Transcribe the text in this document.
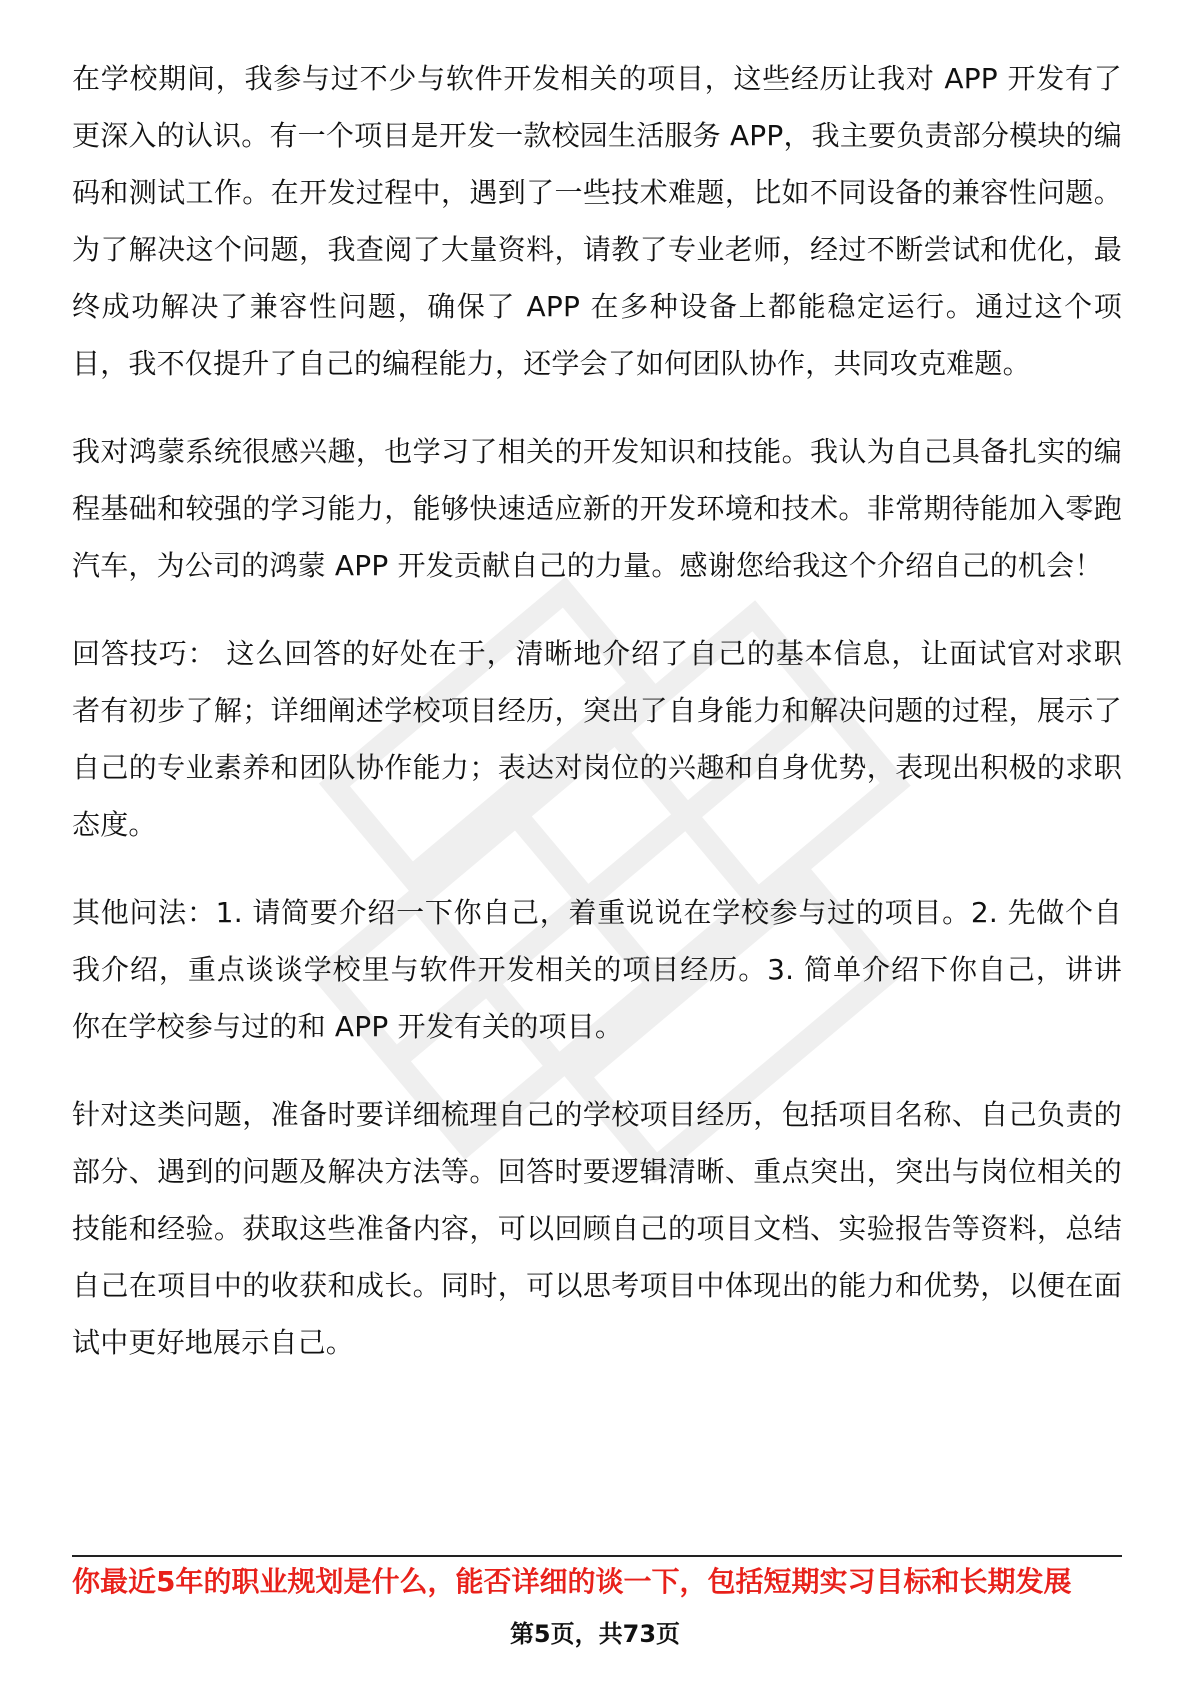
在学校期间，我参与过不少与软件开发相关的项目，这些经历让我对 APP 开发有了更深入的认识。有一个项目是开发一款校园生活服务 APP，我主要负责部分模块的编码和测试工作。在开发过程中，遇到了一些技术难题，比如不同设备的兼容性问题。为了解决这个问题，我查阅了大量资料，请教了专业老师，经过不断尝试和优化，最终成功解决了兼容性问题，确保了 APP 在多种设备上都能稳定运行。通过这个项目，我不仅提升了自己的编程能力，还学会了如何团队协作，共同攻克难题。

我对鸿蒙系统很感兴趣，也学习了相关的开发知识和技能。我认为自己具备扎实的编程基础和较强的学习能力，能够快速适应新的开发环境和技术。非常期待能加入零跑汽车，为公司的鸿蒙 APP 开发贡献自己的力量。感谢您给我这个介绍自己的机会！

回答技巧： 这么回答的好处在于，清晰地介绍了自己的基本信息，让面试官对求职者有初步了解；详细阐述学校项目经历，突出了自身能力和解决问题的过程，展示了自己的专业素养和团队协作能力；表达对岗位的兴趣和自身优势，表现出积极的求职态度。

其他问法：1. 请简要介绍一下你自己，着重说说在学校参与过的项目。2. 先做个自我介绍，重点谈谈学校里与软件开发相关的项目经历。3. 简单介绍下你自己，讲讲你在学校参与过的和 APP 开发有关的项目。

针对这类问题，准备时要详细梳理自己的学校项目经历，包括项目名称、自己负责的部分、遇到的问题及解决方法等。回答时要逻辑清晰、重点突出，突出与岗位相关的技能和经验。获取这些准备内容，可以回顾自己的项目文档、实验报告等资料，总结自己在项目中的收获和成长。同时，可以思考项目中体现出的能力和优势，以便在面试中更好地展示自己。

你最近5年的职业规划是什么，能否详细的谈一下，包括短期实习目标和长期发展
第5页，共73页
